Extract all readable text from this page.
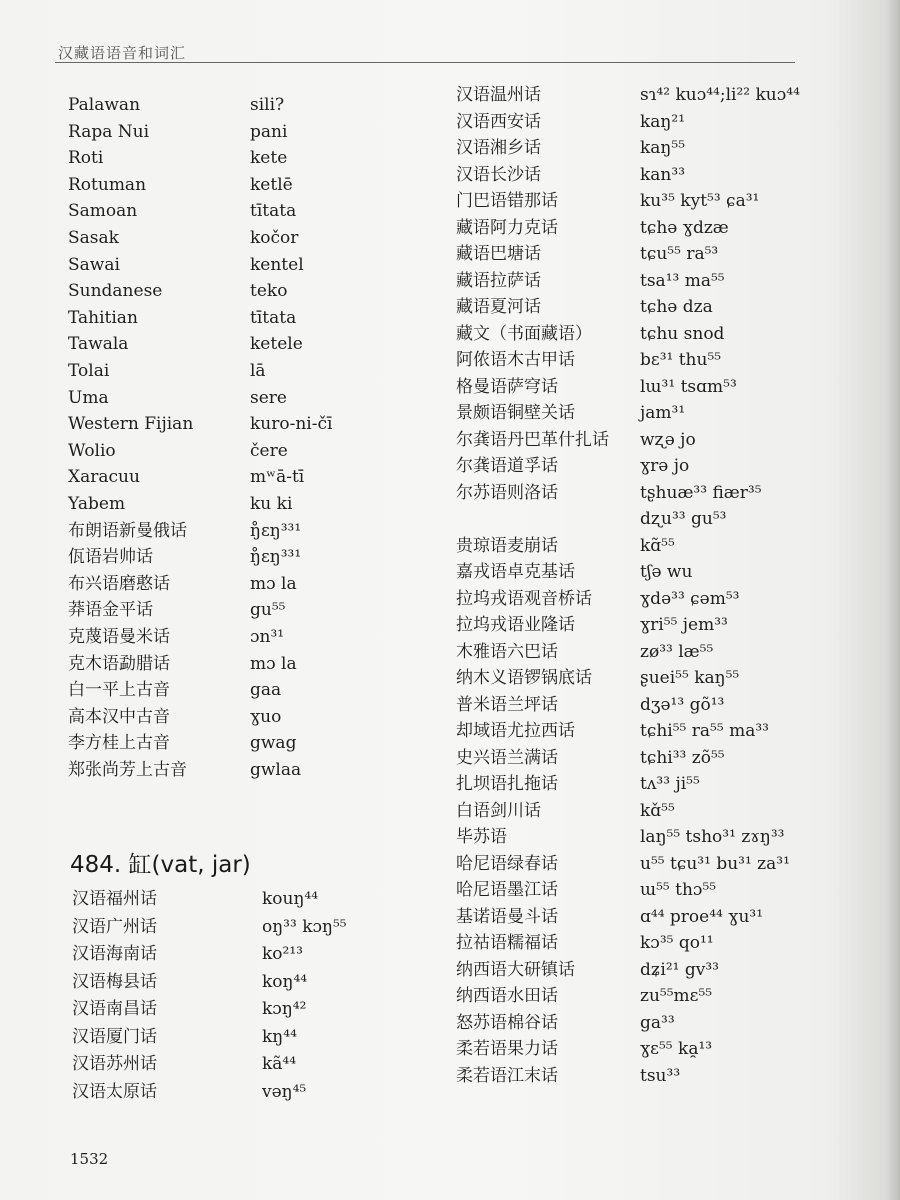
汉藏语语音和词汇
Palawan	sili?
Rapa Nui	pani
Roti	kete
Rotuman	ketlē
Samoan	tītata
Sasak	kočor
Sawai	kentel
Sundanese	teko
Tahitian	tītata
Tawala	ketele
Tolai	lā
Uma	sere
Western Fijian	kuro-ni-čī
Wolio	čere
Xaracuu	mʷā-tī
Yabem	ku ki
布朗语新曼俄话	ŋ̊ɛŋ³³¹
佤语岩帅话	ŋ̊ɛŋ³³¹
布兴语磨憨话	mɔ la
莽语金平话	gu⁵⁵
克蔑语曼米话	ɔn³¹
克木语勐腊话	mɔ la
白一平上古音	gaa
高本汉中古音	ɣuo
李方桂上古音	gwag
郑张尚芳上古音	gwlaa
484. 缸(vat, jar)
汉语福州话	kouŋ⁴⁴
汉语广州话	oŋ³³ kɔŋ⁵⁵
汉语海南话	ko²¹³
汉语梅县话	koŋ⁴⁴
汉语南昌话	kɔŋ⁴²
汉语厦门话	kŋ⁴⁴
汉语苏州话	kã⁴⁴
汉语太原话	vəŋ⁴⁵
汉语温州话	sɿ⁴² kuɔ⁴⁴;li²² kuɔ⁴⁴
汉语西安话	kaŋ²¹
汉语湘乡话	kaŋ⁵⁵
汉语长沙话	kan³³
门巴语错那话	ku³⁵ kyt⁵³ ɕa³¹
藏语阿力克话	tɕhə ɣdzæ
藏语巴塘话	tɕu⁵⁵ ra⁵³
藏语拉萨话	tsa¹³ ma⁵⁵
藏语夏河话	tɕhə dza
藏文（书面藏语）	tɕhu snod
阿侬语木古甲话	bɛ³¹ thu⁵⁵
格曼语萨穹话	lɯ³¹ tsɑm⁵³
景颇语铜壁关话	jam³¹
尔龚语丹巴革什扎话 wʐə jo
尔龚语道孚话	ɣrə jo
尔苏语则洛话	tʂhuæ³³ fiær³⁵
dʐu³³ gu⁵³
贵琼语麦崩话	kɑ̃⁵⁵
嘉戎语卓克基话	tʃə wu
拉坞戎语观音桥话	ɣdə³³ ɕəm⁵³
拉坞戎语业隆话	ɣri⁵⁵ jem³³
木雅语六巴话	zø³³ læ⁵⁵
纳木义语锣锅底话	ʂuei⁵⁵ kaŋ⁵⁵
普米语兰坪话	dʒə¹³ gõ¹³
却域语尤拉西话	tɕhi⁵⁵ ra⁵⁵ ma³³
史兴语兰满话	tɕhi³³ zõ⁵⁵
扎坝语扎拖话	tʌ³³ ji⁵⁵
白语剑川话	kɑ̌⁵⁵
毕苏语	laŋ⁵⁵ tsho³¹ zɤŋ³³
哈尼语绿春话	u⁵⁵ tɕu³¹ bu³¹ za³¹
哈尼语墨江话	ɯ⁵⁵ thɔ⁵⁵
基诺语曼斗话	ɑ⁴⁴ proe⁴⁴ ɣu³¹
拉祜语糯福话	kɔ³⁵ qo¹¹
纳西语大研镇话	dʑi²¹ gv³³
纳西语水田话	zu⁵⁵mɛ⁵⁵
怒苏语棉谷话	ga³³
柔若语果力话	ɣɛ⁵⁵ ka̯¹³
柔若语江末话	tsu³³
1532
